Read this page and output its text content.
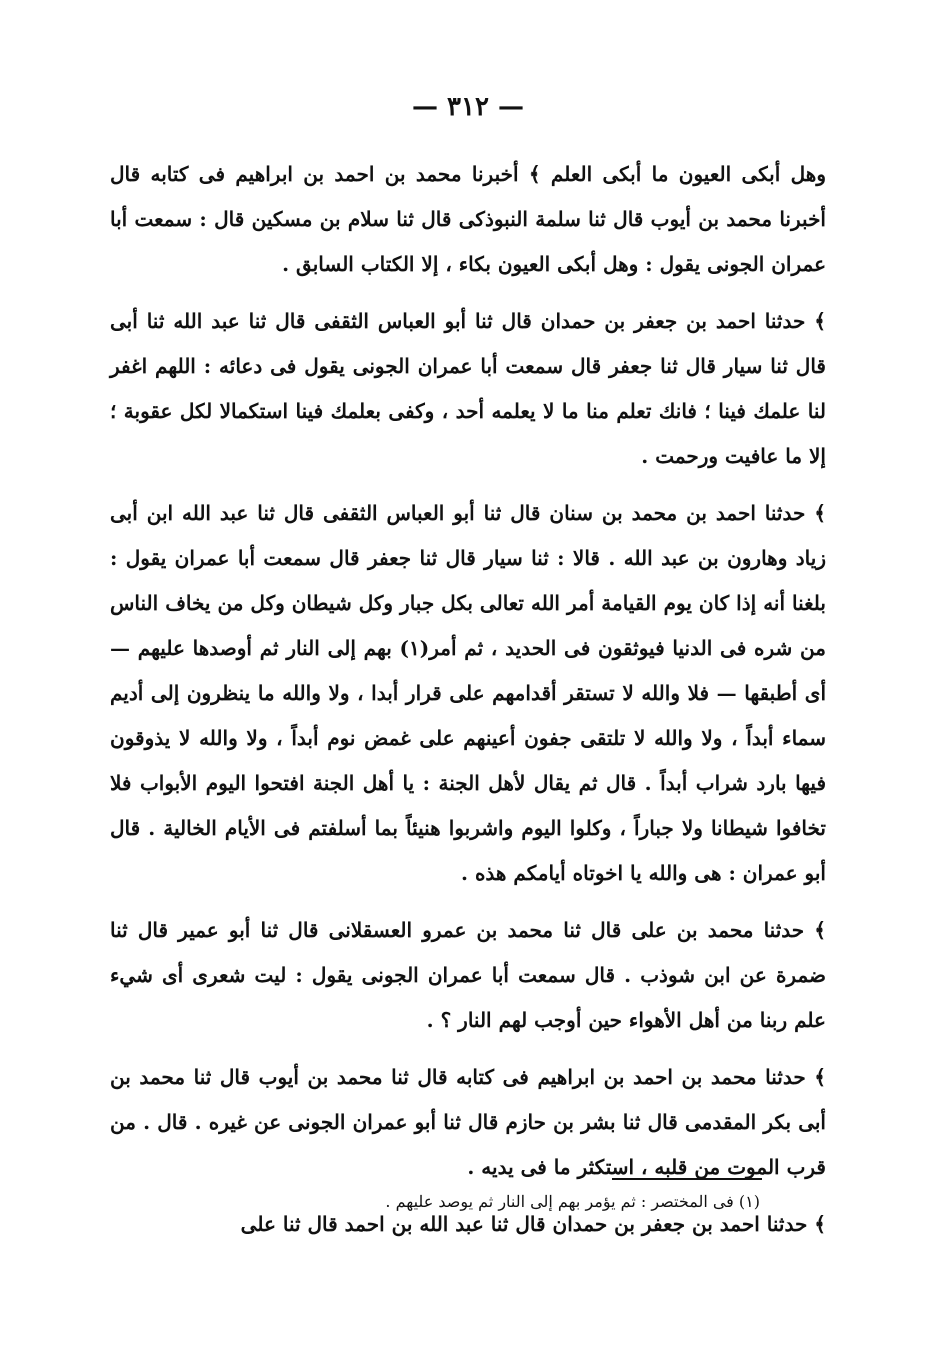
— ٣١٢ —

وهل أبكى العيون ما أبكى العلم ﴾ أخبرنا محمد بن احمد بن ابراهيم فى كتابه قال أخبرنا محمد بن أيوب قال ثنا سلمة النبوذكى قال ثنا سلام بن مسكين قال : سمعت أبا عمران الجونى يقول : وهل أبكى العيون بكاء ، إلا الكتاب السابق .

﴾ حدثنا احمد بن جعفر بن حمدان قال ثنا أبو العباس الثقفى قال ثنا عبد الله ثنا أبى قال ثنا سيار قال ثنا جعفر قال سمعت أبا عمران الجونى يقول فى دعائه : اللهم اغفر لنا علمك فينا ؛ فانك تعلم منا ما لا يعلمه أحد ، وكفى بعلمك فينا استكمالا لكل عقوبة ؛ إلا ما عافيت ورحمت .

﴾ حدثنا احمد بن محمد بن سنان قال ثنا أبو العباس الثقفى قال ثنا عبد الله ابن أبى زياد وهارون بن عبد الله . قالا : ثنا سيار قال ثنا جعفر قال سمعت أبا عمران يقول : بلغنا أنه إذا كان يوم القيامة أمر الله تعالى بكل جبار وكل شيطان وكل من يخاف الناس من شره فى الدنيا فيوثقون فى الحديد ، ثم أمر(١) بهم إلى النار ثم أوصدها عليهم — أى أطبقها — فلا والله لا تستقر أقدامهم على قرار أبدا ، ولا والله ما ينظرون إلى أديم سماء أبداً ، ولا والله لا تلتقى جفون أعينهم على غمض نوم أبداً ، ولا والله لا يذوقون فيها بارد شراب أبداً . قال ثم يقال لأهل الجنة : يا أهل الجنة افتحوا اليوم الأبواب فلا تخافوا شيطانا ولا جباراً ، وكلوا اليوم واشربوا هنيئاً بما أسلفتم فى الأيام الخالية . قال أبو عمران : هى والله يا اخوتاه أيامكم هذه .

﴾ حدثنا محمد بن على قال ثنا محمد بن عمرو العسقلانى قال ثنا أبو عمير قال ثنا ضمرة عن ابن شوذب . قال سمعت أبا عمران الجونى يقول : ليت شعرى أى شيء علم ربنا من أهل الأهواء حين أوجب لهم النار ؟ .

﴾ حدثنا محمد بن احمد بن ابراهيم فى كتابه قال ثنا محمد بن أيوب قال ثنا محمد بن أبى بكر المقدمى قال ثنا بشر بن حازم قال ثنا أبو عمران الجونى عن غيره . قال . من قرب الموت من قلبه ، استكثر ما فى يديه .

﴾ حدثنا احمد بن جعفر بن حمدان قال ثنا عبد الله بن احمد قال ثنا على

(١) فى المختصر : ثم يؤمر بهم إلى النار ثم يوصد عليهم .
